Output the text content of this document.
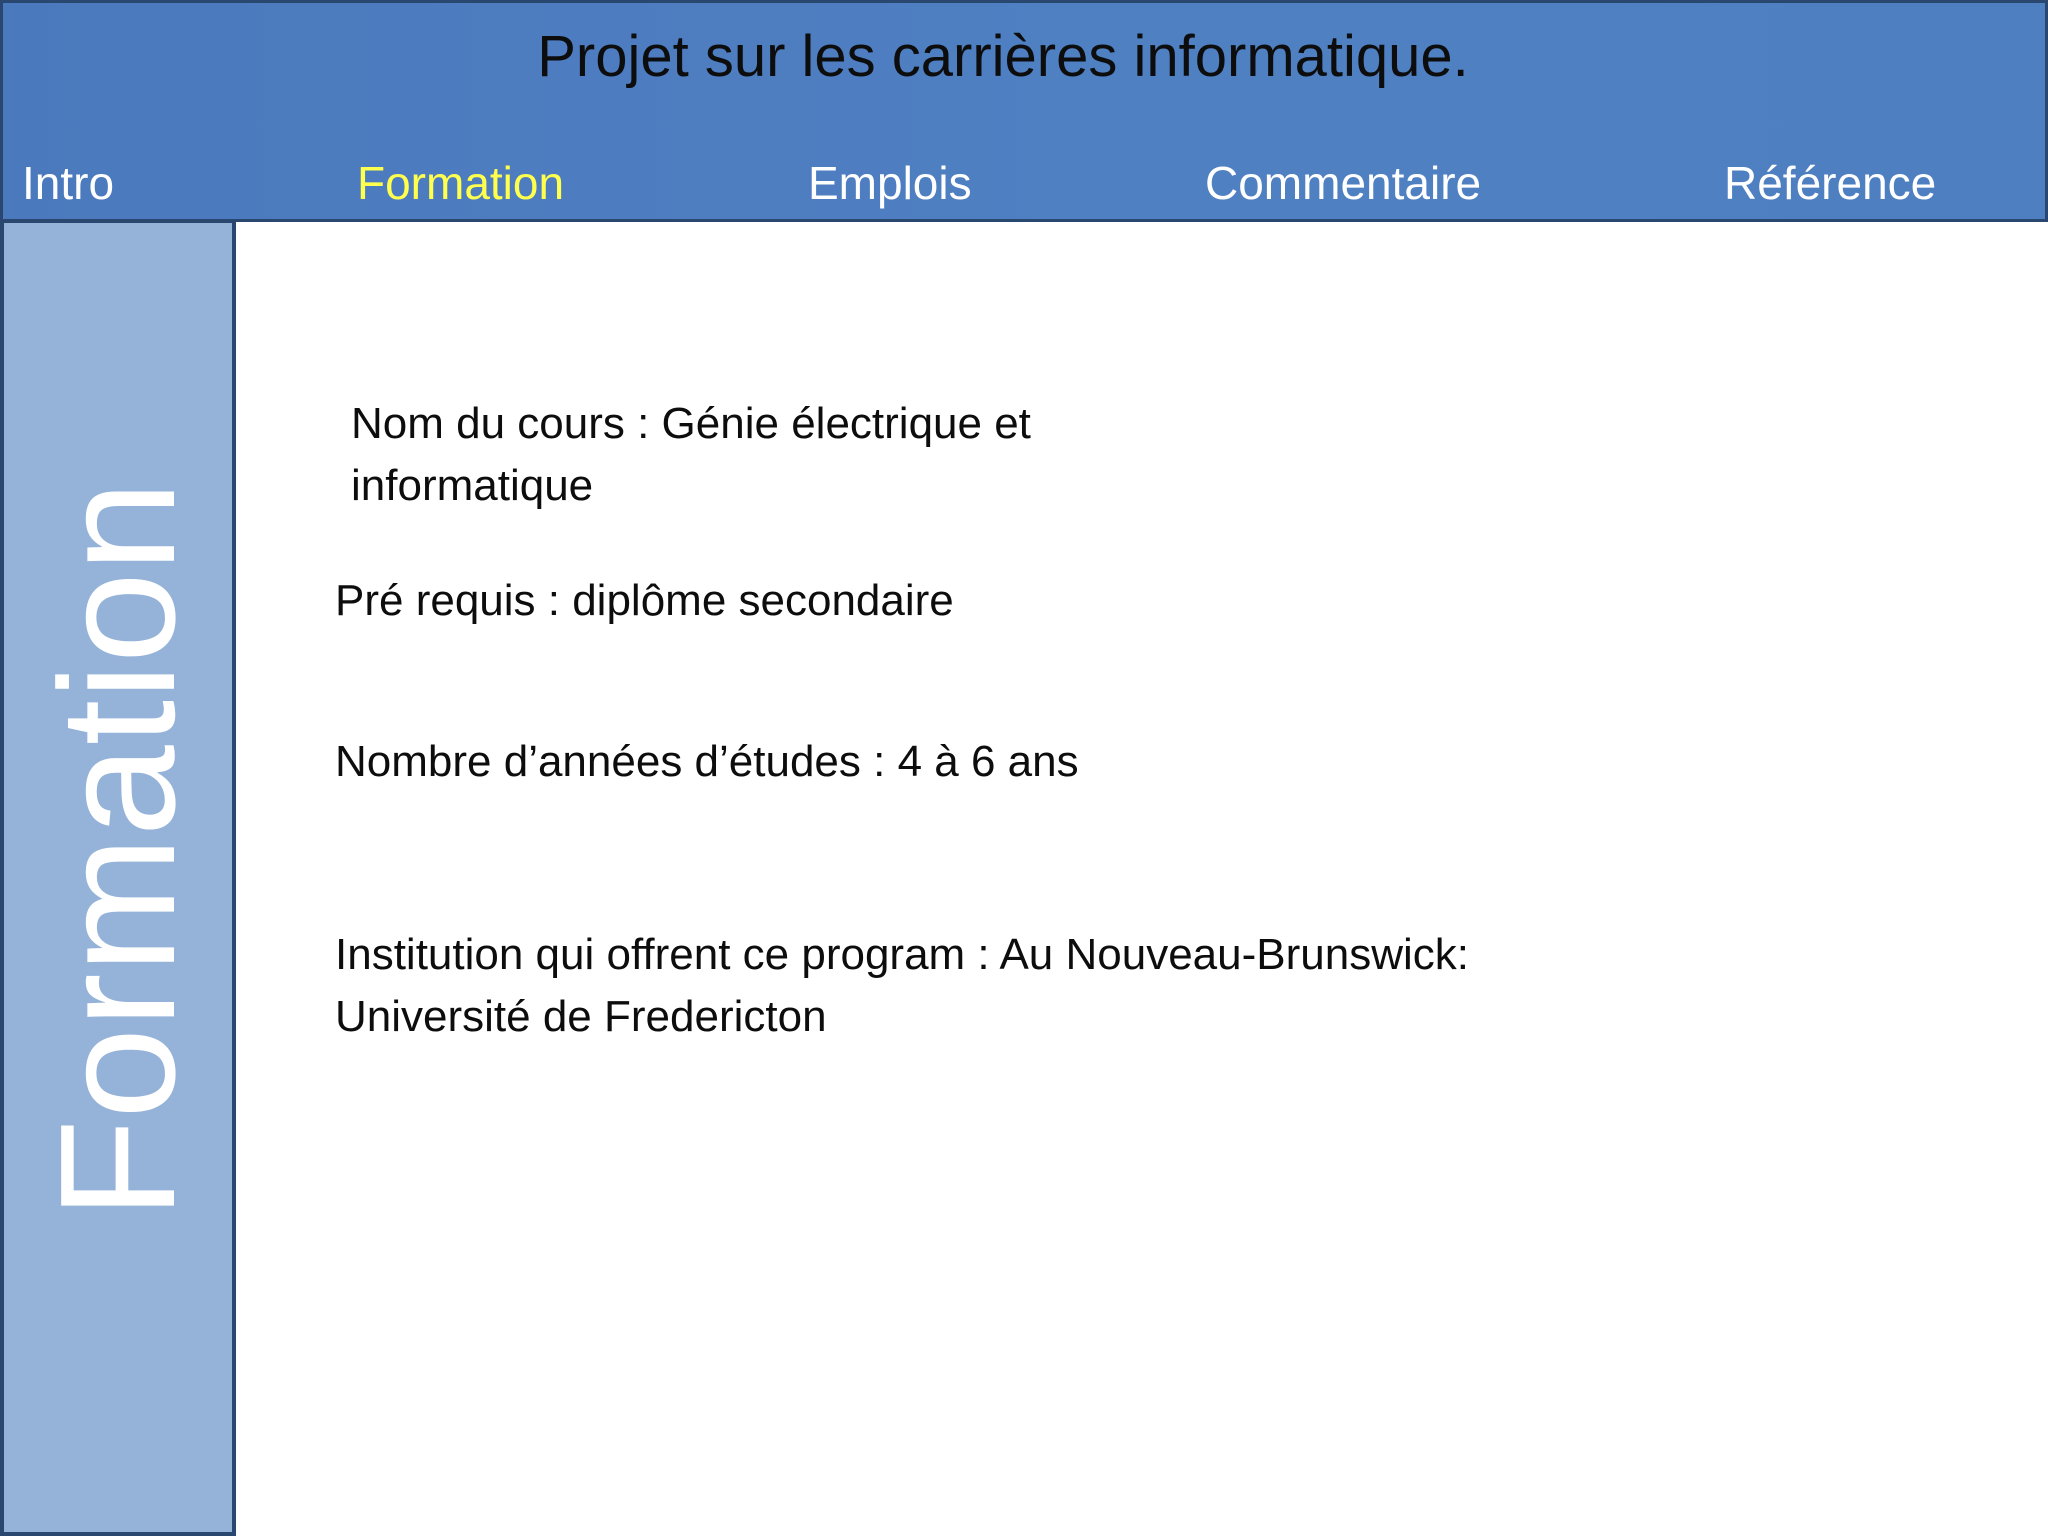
Projet sur les carrières informatique.
Intro	Formation	Emplois	Commentaire	Référence
Formation
Nom du cours : Génie électrique et
informatique
Pré requis : diplôme secondaire
Nombre d’années d’études : 4 à 6 ans
Institution qui offrent ce program : Au Nouveau-Brunswick:
Université de Fredericton
